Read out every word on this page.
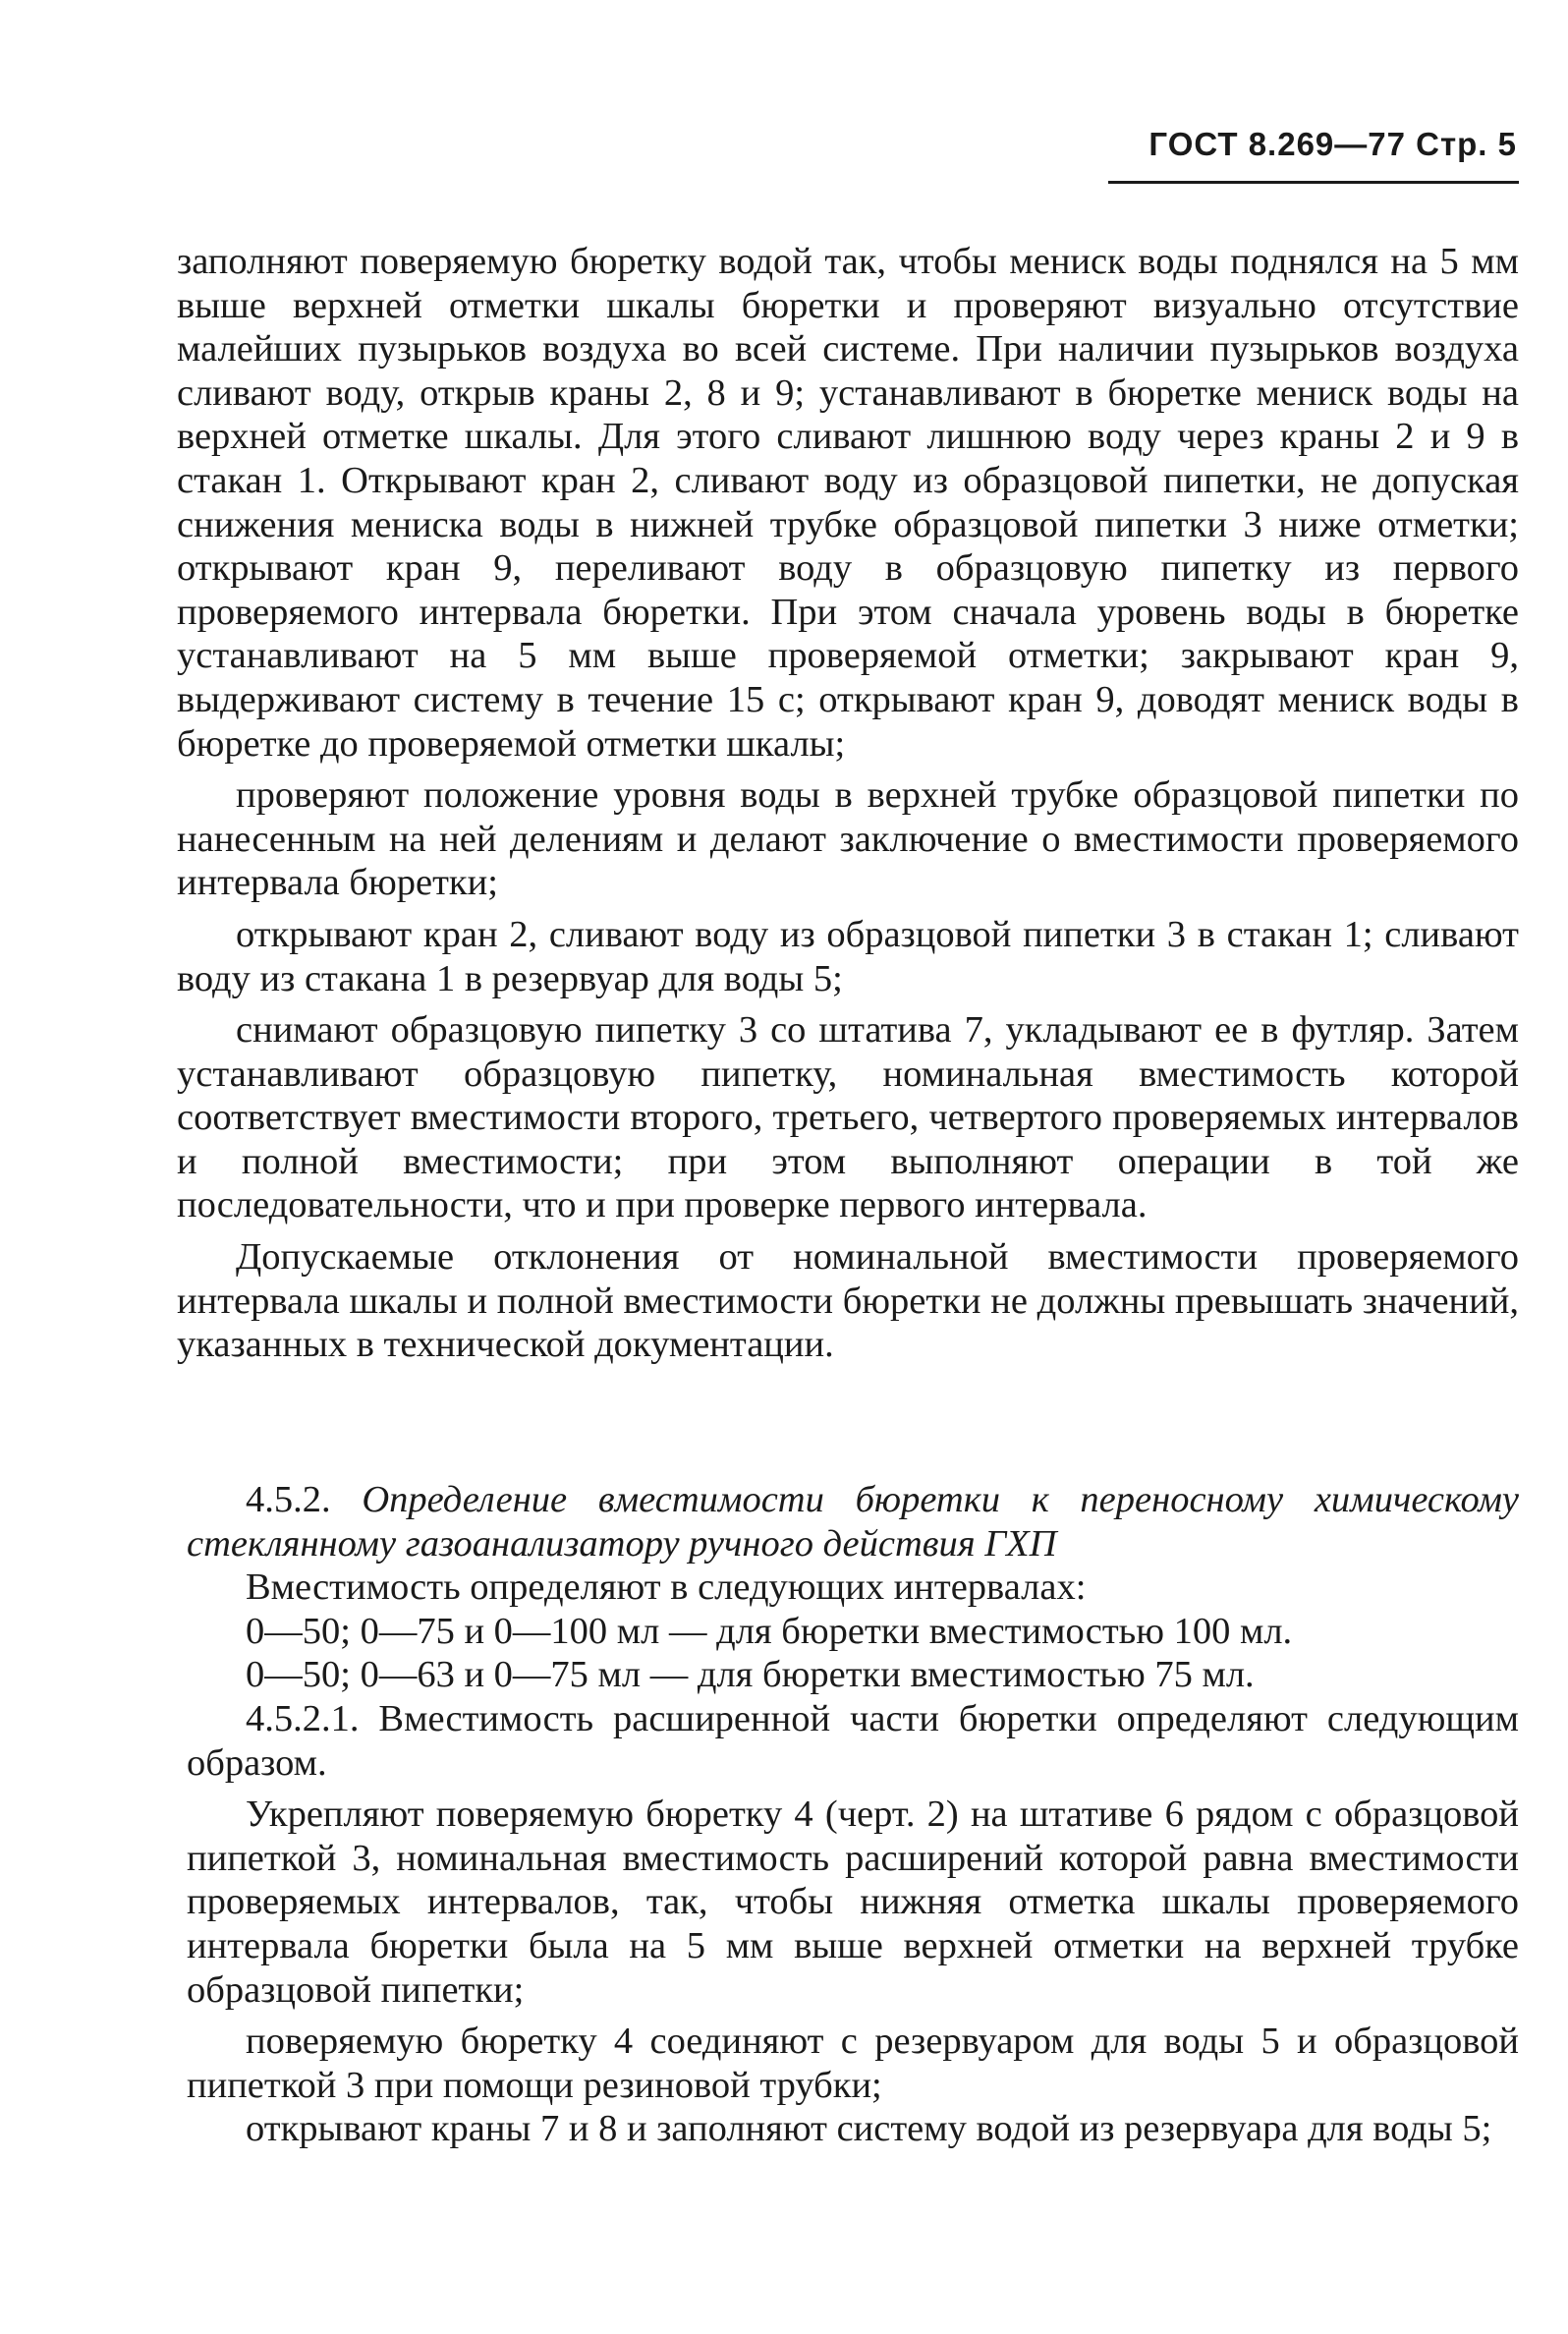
ГОСТ 8.269—77 Стр. 5

заполняют поверяемую бюретку водой так, чтобы мениск воды поднялся на 5 мм выше верхней отметки шкалы бюретки и проверяют визуально отсутствие малейших пузырьков воздуха во всей системе. При наличии пузырьков воздуха сливают воду, открыв краны 2, 8 и 9; устанавливают в бюретке мениск воды на верхней отметке шкалы. Для этого сливают лишнюю воду через краны 2 и 9 в стакан 1. Открывают кран 2, сливают воду из образцовой пипетки, не допуская снижения мениска воды в нижней трубке образцовой пипетки 3 ниже отметки; открывают кран 9, переливают воду в образцовую пипетку из первого проверяемого интервала бюретки. При этом сначала уровень воды в бюретке устанавливают на 5 мм выше проверяемой отметки; закрывают кран 9, выдерживают систему в течение 15 с; открывают кран 9, доводят мениск воды в бюретке до проверяемой отметки шкалы;

проверяют положение уровня воды в верхней трубке образцовой пипетки по нанесенным на ней делениям и делают заключение о вместимости проверяемого интервала бюретки;

открывают кран 2, сливают воду из образцовой пипетки 3 в стакан 1; сливают воду из стакана 1 в резервуар для воды 5;

снимают образцовую пипетку 3 со штатива 7, укладывают ее в футляр. Затем устанавливают образцовую пипетку, номинальная вместимость которой соответствует вместимости второго, третьего, четвертого проверяемых интервалов и полной вместимости; при этом выполняют операции в той же последовательности, что и при проверке первого интервала.

Допускаемые отклонения от номинальной вместимости проверяемого интервала шкалы и полной вместимости бюретки не должны превышать значений, указанных в технической документации.

4.5.2. Определение вместимости бюретки к переносному химическому стеклянному газоанализатору ручного действия ГХП

Вместимость определяют в следующих интервалах:

0—50; 0—75 и 0—100 мл — для бюретки вместимостью 100 мл.

0—50; 0—63 и 0—75 мл — для бюретки вместимостью 75 мл.

4.5.2.1. Вместимость расширенной части бюретки определяют следующим образом.

Укрепляют поверяемую бюретку 4 (черт. 2) на штативе 6 рядом с образцовой пипеткой 3, номинальная вместимость расширений которой равна вместимости проверяемых интервалов, так, чтобы нижняя отметка шкалы проверяемого интервала бюретки была на 5 мм выше верхней отметки на верхней трубке образцовой пипетки;

поверяемую бюретку 4 соединяют с резервуаром для воды 5 и образцовой пипеткой 3 при помощи резиновой трубки;

открывают краны 7 и 8 и заполняют систему водой из резервуара для воды 5;
